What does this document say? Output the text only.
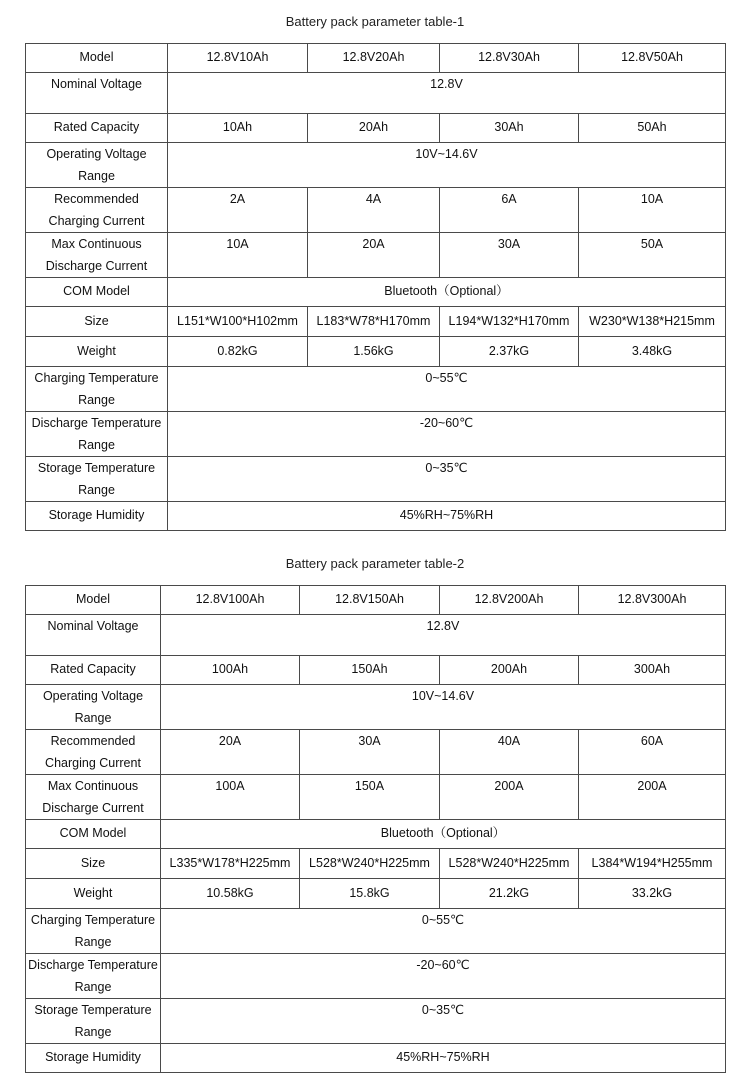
Battery pack parameter table-1
Model	12.8V10Ah	12.8V20Ah	12.8V30Ah	12.8V50Ah
Nominal Voltage	12.8V			
Rated Capacity	10Ah	20Ah	30Ah	50Ah
Operating Voltage Range	10V~14.6V			
Recommended Charging Current	2A	4A	6A	10A
Max Continuous Discharge Current	10A	20A	30A	50A
COM Model	Bluetooth（Optional）			
Size	L151*W100*H102mm	L183*W78*H170mm	L194*W132*H170mm	W230*W138*H215mm
Weight	0.82kG	1.56kG	2.37kG	3.48kG
Charging Temperature Range	0~55℃			
Discharge Temperature Range	-20~60℃			
Storage Temperature Range	0~35℃			
Storage Humidity	45%RH~75%RH			
Battery pack parameter table-2
Model	12.8V100Ah	12.8V150Ah	12.8V200Ah	12.8V300Ah
Nominal Voltage	12.8V			
Rated Capacity	100Ah	150Ah	200Ah	300Ah
Operating Voltage Range	10V~14.6V			
Recommended Charging Current	20A	30A	40A	60A
Max Continuous Discharge Current	100A	150A	200A	200A
COM Model	Bluetooth（Optional）			
Size	L335*W178*H225mm	L528*W240*H225mm	L528*W240*H225mm	L384*W194*H255mm
Weight	10.58kG	15.8kG	21.2kG	33.2kG
Charging Temperature Range	0~55℃			
Discharge Temperature Range	-20~60℃			
Storage Temperature Range	0~35℃			
Storage Humidity	45%RH~75%RH			
